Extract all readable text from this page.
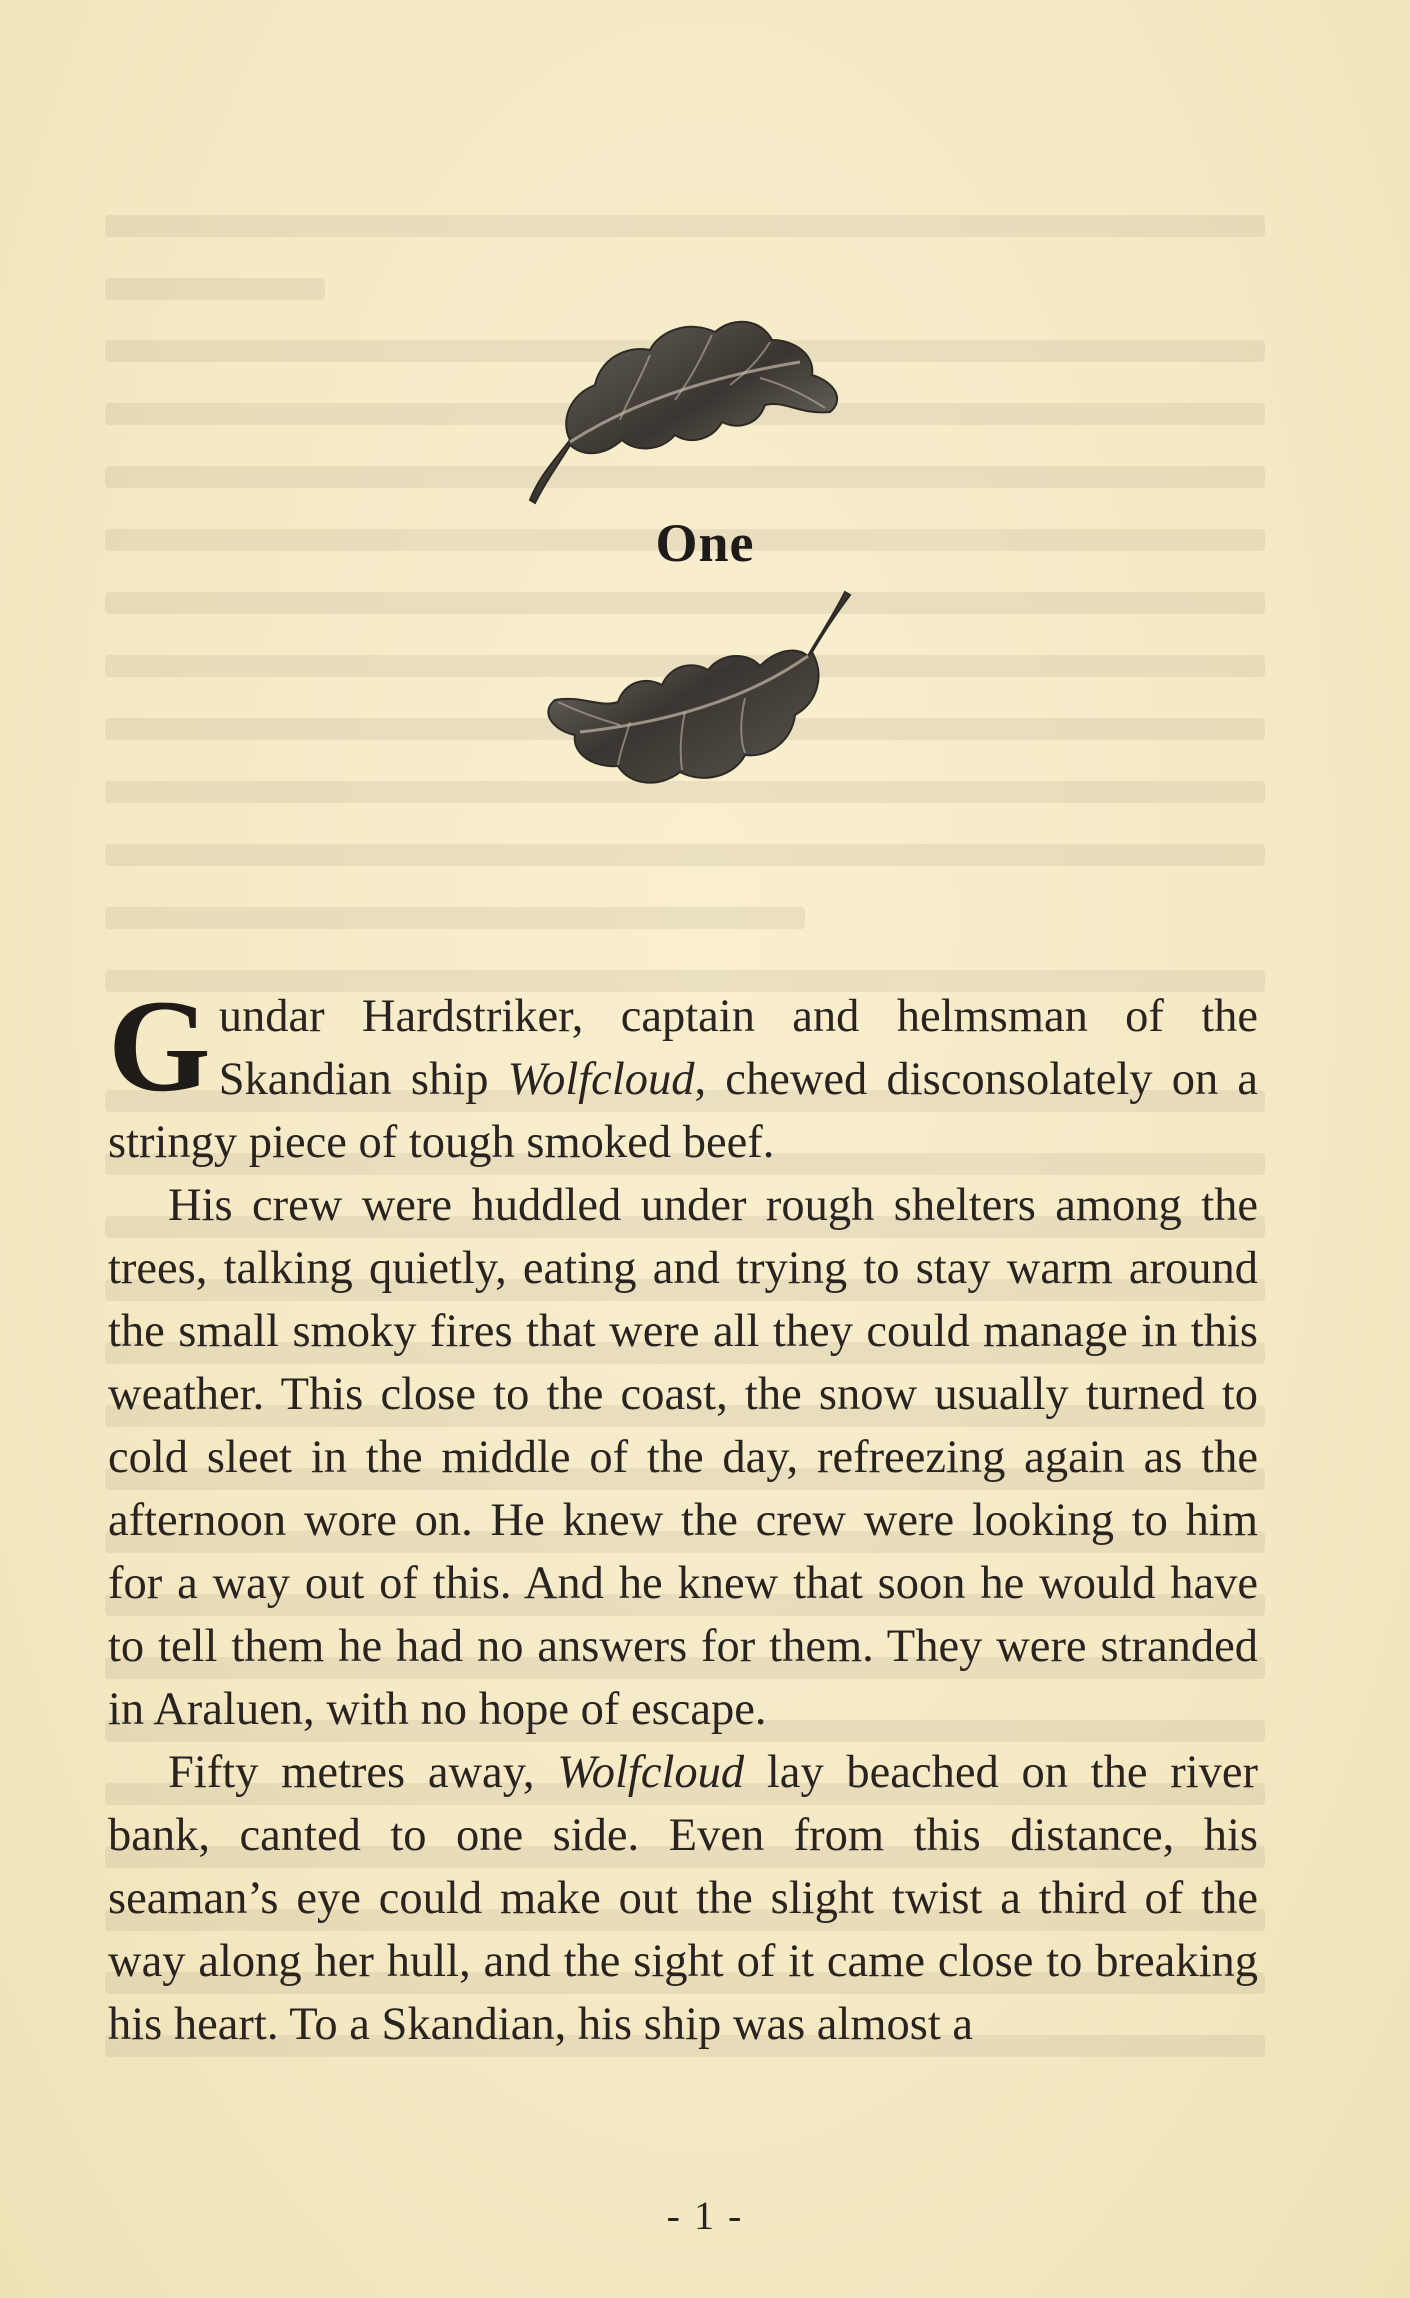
One

Gundar Hardstriker, captain and helmsman of the Skandian ship Wolfcloud, chewed disconsolately on a stringy piece of tough smoked beef.

His crew were huddled under rough shelters among the trees, talking quietly, eating and trying to stay warm around the small smoky fires that were all they could manage in this weather. This close to the coast, the snow usually turned to cold sleet in the middle of the day, refreezing again as the afternoon wore on. He knew the crew were looking to him for a way out of this. And he knew that soon he would have to tell them he had no answers for them. They were stranded in Araluen, with no hope of escape.

Fifty metres away, Wolfcloud lay beached on the river bank, canted to one side. Even from this distance, his seaman’s eye could make out the slight twist a third of the way along her hull, and the sight of it came close to breaking his heart. To a Skandian, his ship was almost a

- 1 -
